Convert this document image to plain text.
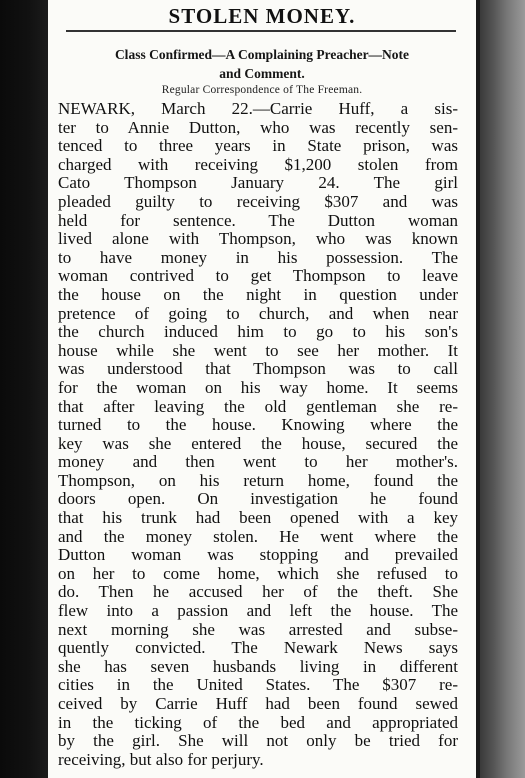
STOLEN MONEY.
Class Confirmed—A Complaining Preacher—Note
and Comment.
Regular Correspondence of The Freeman.
NEWARK, March 22.—Carrie Huff, a sis-
ter to Annie Dutton, who was recently sen-
tenced to three years in State prison, was
charged with receiving $1,200 stolen from
Cato Thompson January 24. The girl
pleaded guilty to receiving $307 and was
held for sentence. The Dutton woman
lived alone with Thompson, who was known
to have money in his possession. The
woman contrived to get Thompson to leave
the house on the night in question under
pretence of going to church, and when near
the church induced him to go to his son's
house while she went to see her mother. It
was understood that Thompson was to call
for the woman on his way home. It seems
that after leaving the old gentleman she re-
turned to the house. Knowing where the
key was she entered the house, secured the
money and then went to her mother's.
Thompson, on his return home, found the
doors open. On investigation he found
that his trunk had been opened with a key
and the money stolen. He went where the
Dutton woman was stopping and prevailed
on her to come home, which she refused to
do. Then he accused her of the theft. She
flew into a passion and left the house. The
next morning she was arrested and subse-
quently convicted. The Newark News says
she has seven husbands living in different
cities in the United States. The $307 re-
ceived by Carrie Huff had been found sewed
in the ticking of the bed and appropriated
by the girl. She will not only be tried for
receiving, but also for perjury.
